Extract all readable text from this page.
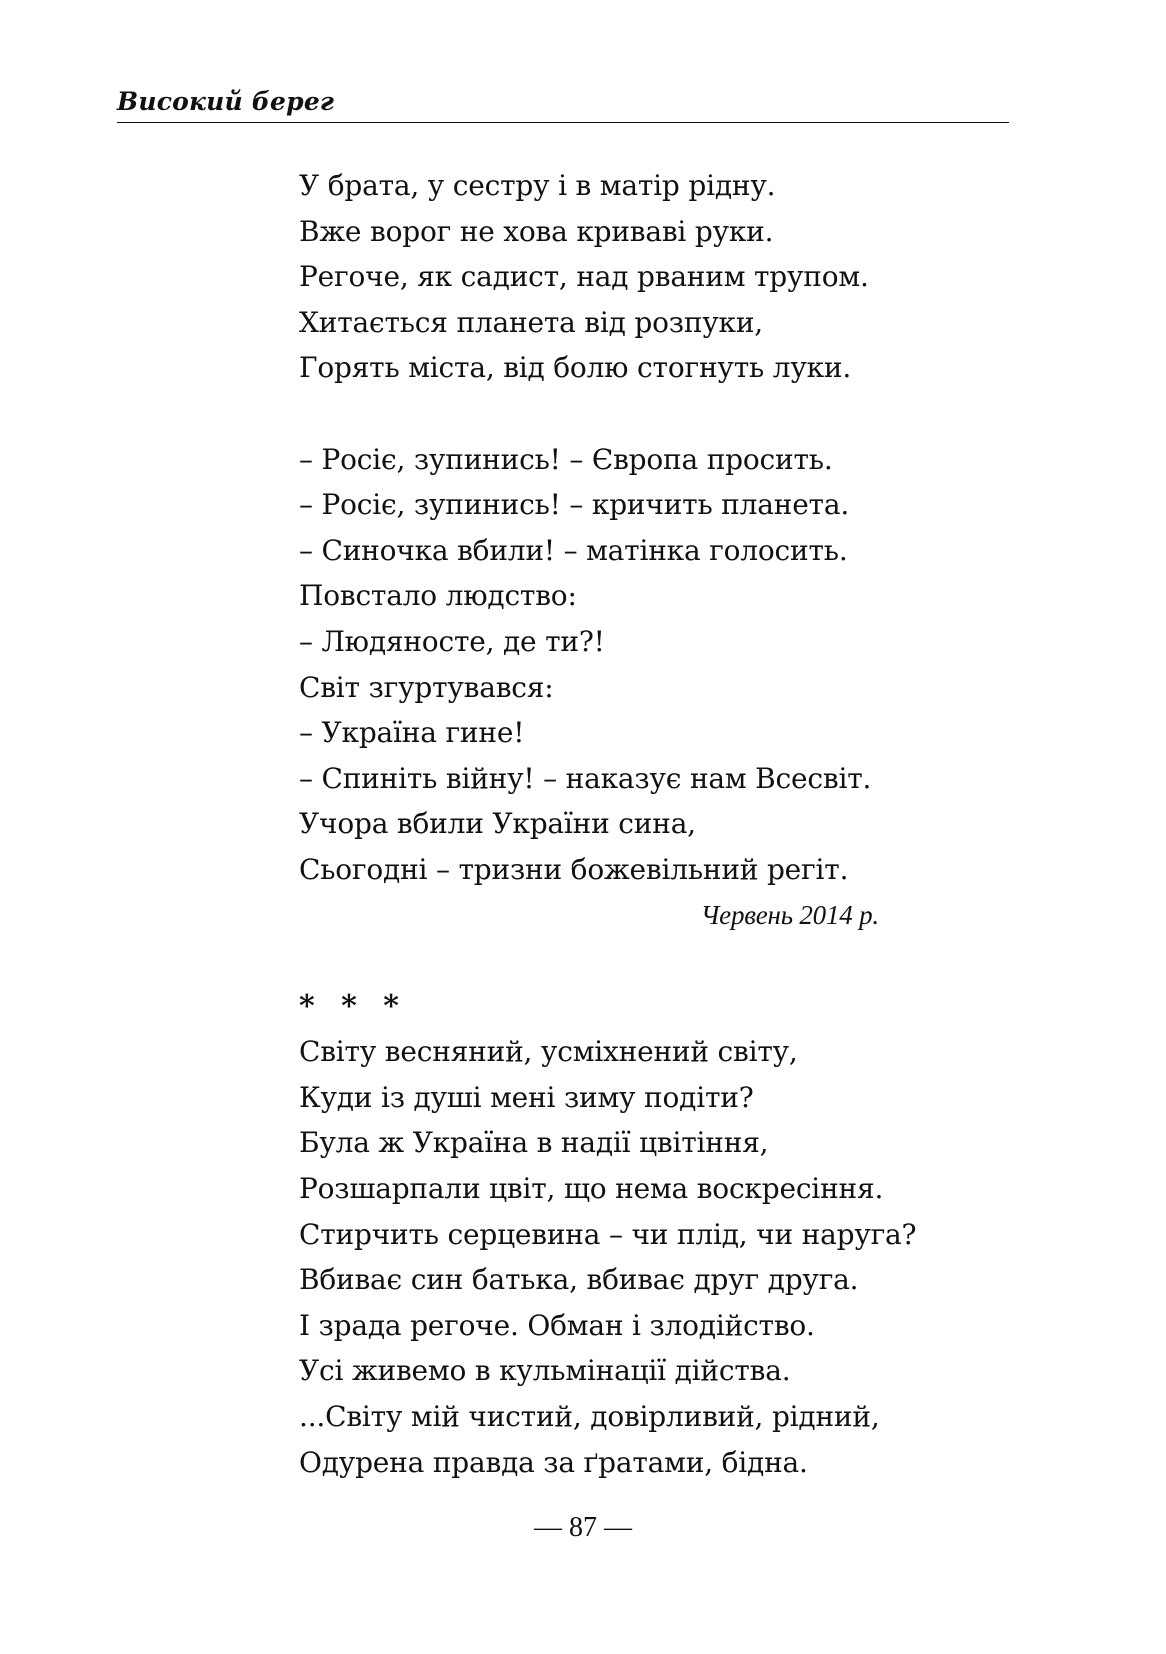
Високий берег
У брата, у сестру і в матір рідну.
Вже ворог не хова криваві руки.
Регоче, як садист, над рваним трупом.
Хитається планета від розпуки,
Горять міста, від болю стогнуть луки.
– Росіє, зупинись! – Європа просить.
– Росіє, зупинись! – кричить планета.
– Синочка вбили! – матінка голосить.
Повстало людство:
– Людяносте, де ти?!
Світ згуртувався:
– Україна гине!
– Спиніть війну! – наказує нам Всесвіт.
Учора вбили України сина,
Сьогодні – тризни божевільний регіт.
Червень 2014 р.
* * *
Світу весняний, усміхнений світу,
Куди із душі мені зиму подіти?
Була ж Україна в надії цвітіння,
Розшарпали цвіт, що нема воскресіння.
Стирчить серцевина – чи плід, чи наруга?
Вбиває син батька, вбиває друг друга.
І зрада регоче. Обман і злодійство.
Усі живемо в кульмінації дійства.
...Світу мій чистий, довірливий, рідний,
Одурена правда за ґратами, бідна.
— 87 —
